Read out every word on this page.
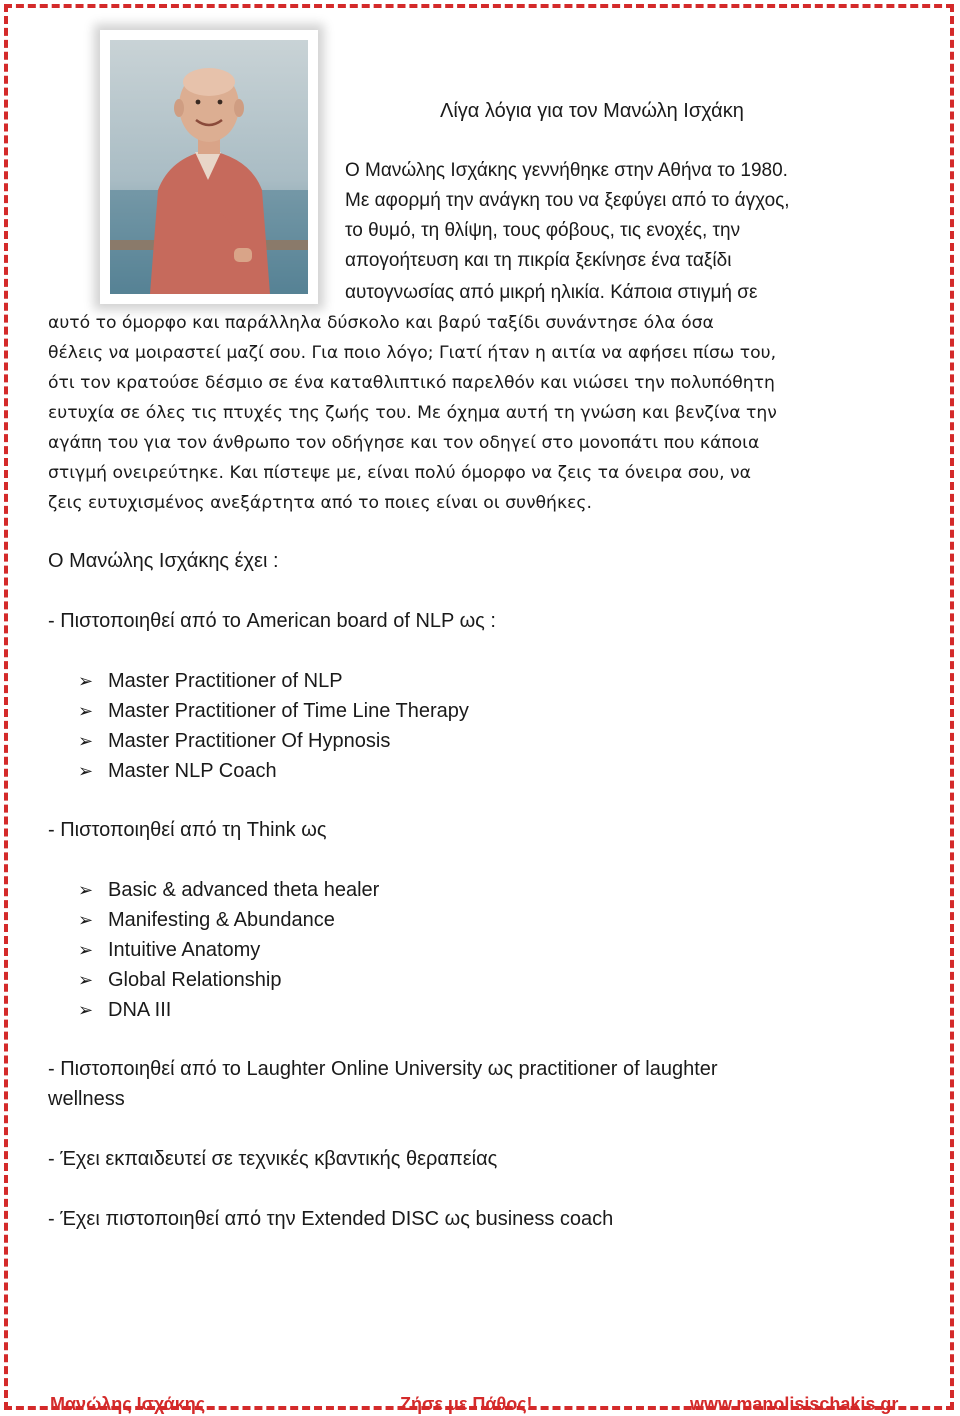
Λίγα λόγια για τον Μανώλη Ισχάκη
Ο Μανώλης Ισχάκης γεννήθηκε στην Αθήνα το 1980.
Με αφορμή την ανάγκη του να ξεφύγει από το άγχος,
το θυμό, τη θλίψη, τους φόβους, τις ενοχές, την
απογοήτευση και τη πικρία ξεκίνησε ένα ταξίδι
αυτογνωσίας από μικρή ηλικία. Κάποια στιγμή σε
αυτό το όμορφο και παράλληλα δύσκολο και βαρύ ταξίδι συνάντησε όλα όσα
θέλεις να μοιραστεί μαζί σου. Για ποιο λόγο; Γιατί ήταν η αιτία να αφήσει πίσω του,
ότι τον κρατούσε δέσμιο σε ένα καταθλιπτικό παρελθόν και νιώσει την πολυπόθητη
ευτυχία σε όλες τις πτυχές της ζωής του. Με όχημα αυτή τη γνώση και βενζίνα την
αγάπη του για τον άνθρωπο τον οδήγησε και τον οδηγεί στο μονοπάτι που κάποια
στιγμή ονειρεύτηκε. Και πίστεψε με, είναι πολύ όμορφο να ζεις τα όνειρα σου, να
ζεις ευτυχισμένος ανεξάρτητα από το ποιες είναι οι συνθήκες.
Ο Μανώλης Ισχάκης έχει :
- Πιστοποιηθεί από το American board of NLP ως :
➢ Master Practitioner of NLP
➢ Master Practitioner of Time Line Therapy
➢ Master Practitioner Of Hypnosis
➢ Master NLP Coach
- Πιστοποιηθεί από τη Think ως
➢ Basic & advanced theta healer
➢ Manifesting & Abundance
➢ Intuitive Anatomy
➢ Global Relationship
➢ DNA III
- Πιστοποιηθεί από το Laughter Online University ως practitioner of laughter
wellness
- Έχει εκπαιδευτεί σε τεχνικές κβαντικής θεραπείας
- Έχει πιστοποιηθεί από την Extended DISC ως business coach
Μανώλης Ισχάκης	Ζήσε με Πάθος!	www.manolisischakis.gr
